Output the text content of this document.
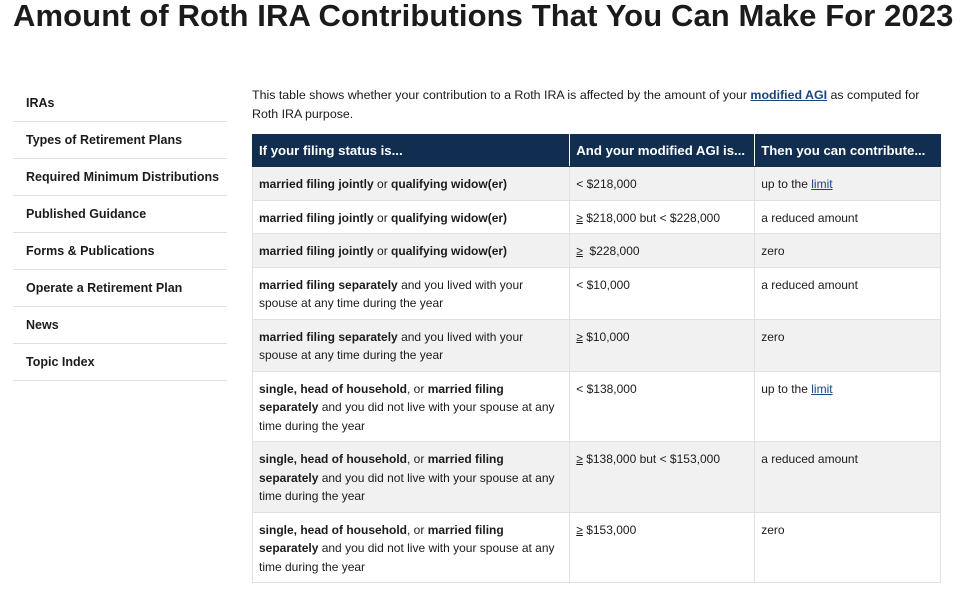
Amount of Roth IRA Contributions That You Can Make For 2023
IRAs
Types of Retirement Plans
Required Minimum Distributions
Published Guidance
Forms & Publications
Operate a Retirement Plan
News
Topic Index

This table shows whether your contribution to a Roth IRA is affected by the amount of your modified AGI as computed for Roth IRA purpose.

If your filing status is...	And your modified AGI is...	Then you can contribute...
married filing jointly or qualifying widow(er)	< $218,000	up to the limit
married filing jointly or qualifying widow(er)	≥ $218,000 but < $228,000	a reduced amount
married filing jointly or qualifying widow(er)	≥  $228,000	zero
married filing separately and you lived with your spouse at any time during the year	< $10,000	a reduced amount
married filing separately and you lived with your spouse at any time during the year	≥ $10,000	zero
single, head of household, or married filing separately and you did not live with your spouse at any time during the year	< $138,000	up to the limit
single, head of household, or married filing separately and you did not live with your spouse at any time during the year	≥ $138,000 but < $153,000	a reduced amount
single, head of household, or married filing separately and you did not live with your spouse at any time during the year	≥ $153,000	zero
